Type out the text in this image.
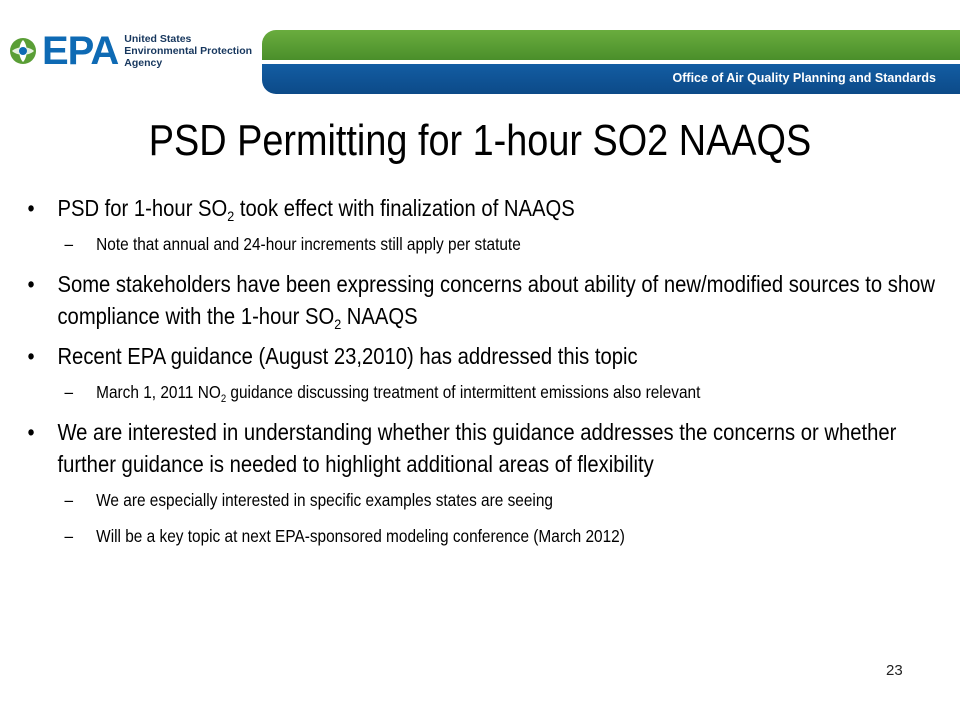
EPA United States
Environmental Protection
Agency
Office of Air Quality Planning and Standards
PSD Permitting for 1-hour SO2 NAAQS
• PSD for 1-hour $SO_2$ took effect with finalization of NAAQS
– Note that annual and 24-hour increments still apply per statute
• Some stakeholders have been expressing concerns about ability of new/modified sources to show compliance with the 1-hour $SO_2$ NAAQS
• Recent EPA guidance (August 23,2010) has addressed this topic
– March 1, 2011 $NO_2$ guidance discussing treatment of intermittent emissions also relevant
• We are interested in understanding whether this guidance addresses the concerns or whether further guidance is needed to highlight additional areas of flexibility
– We are especially interested in specific examples states are seeing
– Will be a key topic at next EPA-sponsored modeling conference (March 2012)
23
